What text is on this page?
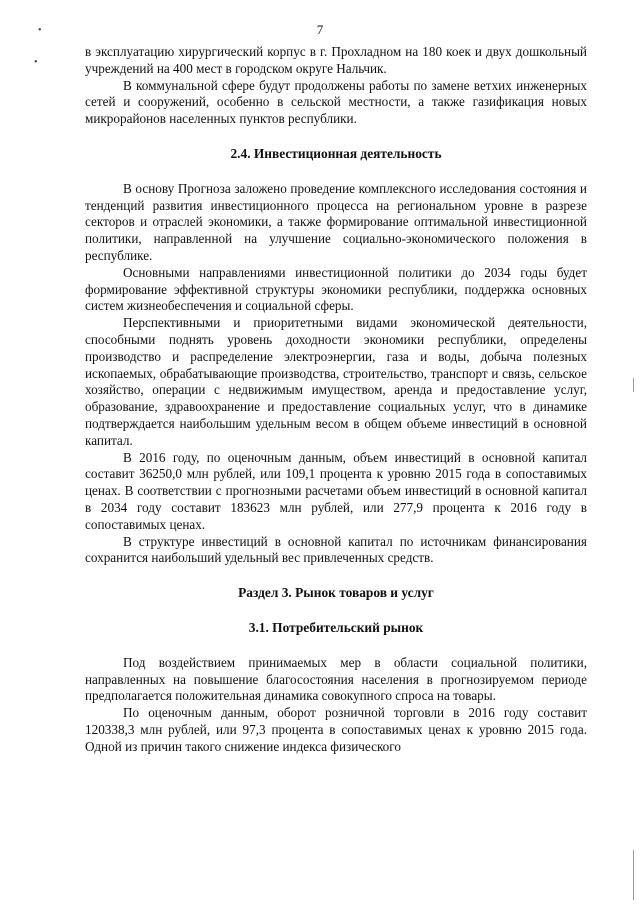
7
•
•

в эксплуатацию хирургический корпус в г. Прохладном на 180 коек и двух дошкольный учреждений на 400 мест в городском округе Нальчик.

В коммунальной сфере будут продолжены работы по замене ветхих инженерных сетей и сооружений, особенно в сельской местности, а также газификация новых микрорайонов населенных пунктов республики.

2.4. Инвестиционная деятельность

В основу Прогноза заложено проведение комплексного исследования состояния и тенденций развития инвестиционного процесса на региональном уровне в разрезе секторов и отраслей экономики, а также формирование оптимальной инвестиционной политики, направленной на улучшение социально-экономического положения в республике.

Основными направлениями инвестиционной политики до 2034 годы будет формирование эффективной структуры экономики республики, поддержка основных систем жизнеобеспечения и социальной сферы.

Перспективными и приоритетными видами экономической деятельности, способными поднять уровень доходности экономики республики, определены производство и распределение электроэнергии, газа и воды, добыча полезных ископаемых, обрабатывающие производства, строительство, транспорт и связь, сельское хозяйство, операции с недвижимым имуществом, аренда и предоставление услуг, образование, здравоохранение и предоставление социальных услуг, что в динамике подтверждается наибольшим удельным весом в общем объеме инвестиций в основной капитал.

В 2016 году, по оценочным данным, объем инвестиций в основной капитал составит 36250,0 млн рублей, или 109,1 процента к уровню 2015 года в сопоставимых ценах. В соответствии с прогнозными расчетами объем инвестиций в основной капитал в 2034 году составит 183623 млн рублей, или 277,9 процента к 2016 году в сопоставимых ценах.

В структуре инвестиций в основной капитал по источникам финансирования сохранится наибольший удельный вес привлеченных средств.

Раздел 3. Рынок товаров и услуг
3.1. Потребительский рынок

Под воздействием принимаемых мер в области социальной политики, направленных на повышение благосостояния населения в прогнозируемом периоде предполагается положительная динамика совокупного спроса на товары.

По оценочным данным, оборот розничной торговли в 2016 году составит 120338,3 млн рублей, или 97,3 процента в сопоставимых ценах к уровню 2015 года. Одной из причин такого снижение индекса физического
